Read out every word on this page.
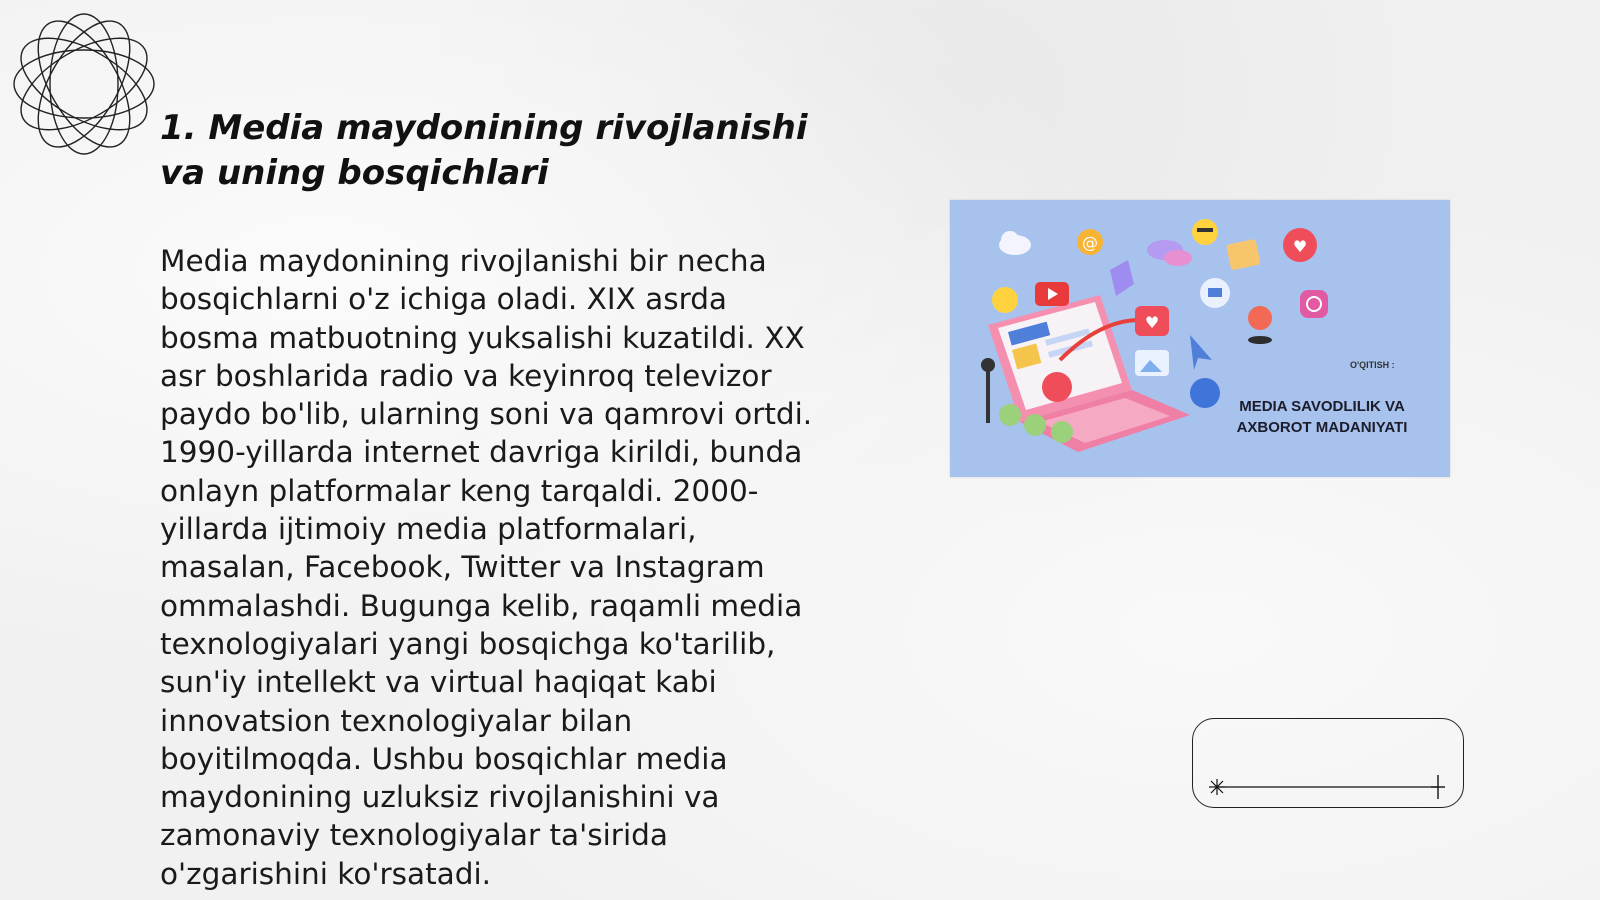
1. Media maydonining rivojlanishi va uning bosqichlari

Media maydonining rivojlanishi bir necha bosqichlarni o'z ichiga oladi. XIX asrda bosma matbuotning yuksalishi kuzatildi. XX asr boshlarida radio va keyinroq televizor paydo bo'lib, ularning soni va qamrovi ortdi. 1990-yillarda internet davriga kirildi, bunda onlayn platformalar keng tarqaldi. 2000-yillarda ijtimoiy media platformalari, masalan, Facebook, Twitter va Instagram ommalashdi. Bugunga kelib, raqamli media texnologiyalari yangi bosqichga ko'tarilib, sun'iy intellekt va virtual haqiqat kabi innovatsion texnologiyalar bilan boyitilmoqda. Ushbu bosqichlar media maydonining uzluksiz rivojlanishini va zamonaviy texnologiyalar ta'sirida o'zgarishini ko'rsatadi.

@	♥
♥
O'QITISH :
MEDIA SAVODLILIK VA AXBOROT MADANIYATI
